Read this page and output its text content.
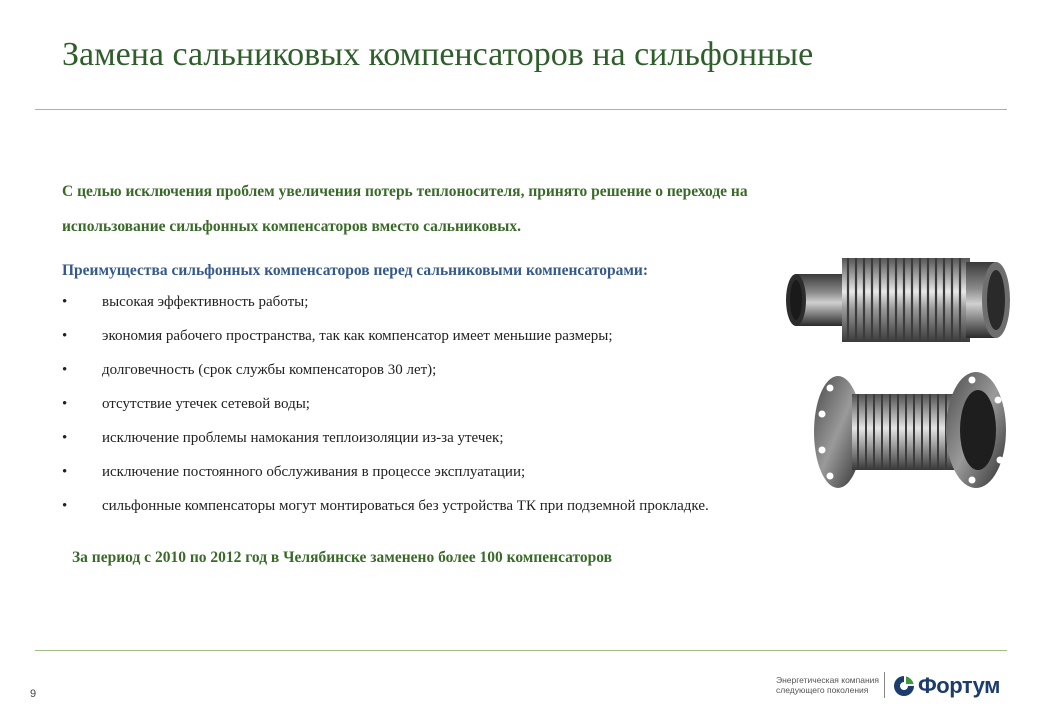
Замена сальниковых компенсаторов на сильфонные
С целью исключения проблем увеличения потерь теплоносителя, принято решение о переходе на
использование сильфонных компенсаторов вместо сальниковых.
Преимущества сильфонных компенсаторов перед сальниковыми компенсаторами:
• высокая эффективность работы;
• экономия рабочего пространства, так как компенсатор имеет меньшие размеры;
• долговечность (срок службы компенсаторов 30 лет);
• отсутствие утечек сетевой воды;
• исключение проблемы намокания теплоизоляции из-за утечек;
• исключение постоянного обслуживания в процессе эксплуатации;
• сильфонные компенсаторы могут монтироваться без устройства ТК при подземной прокладке.
За период с 2010 по 2012 год в Челябинске заменено более 100 компенсаторов
9
Энергетическая компания
следующего поколения	Фортум
